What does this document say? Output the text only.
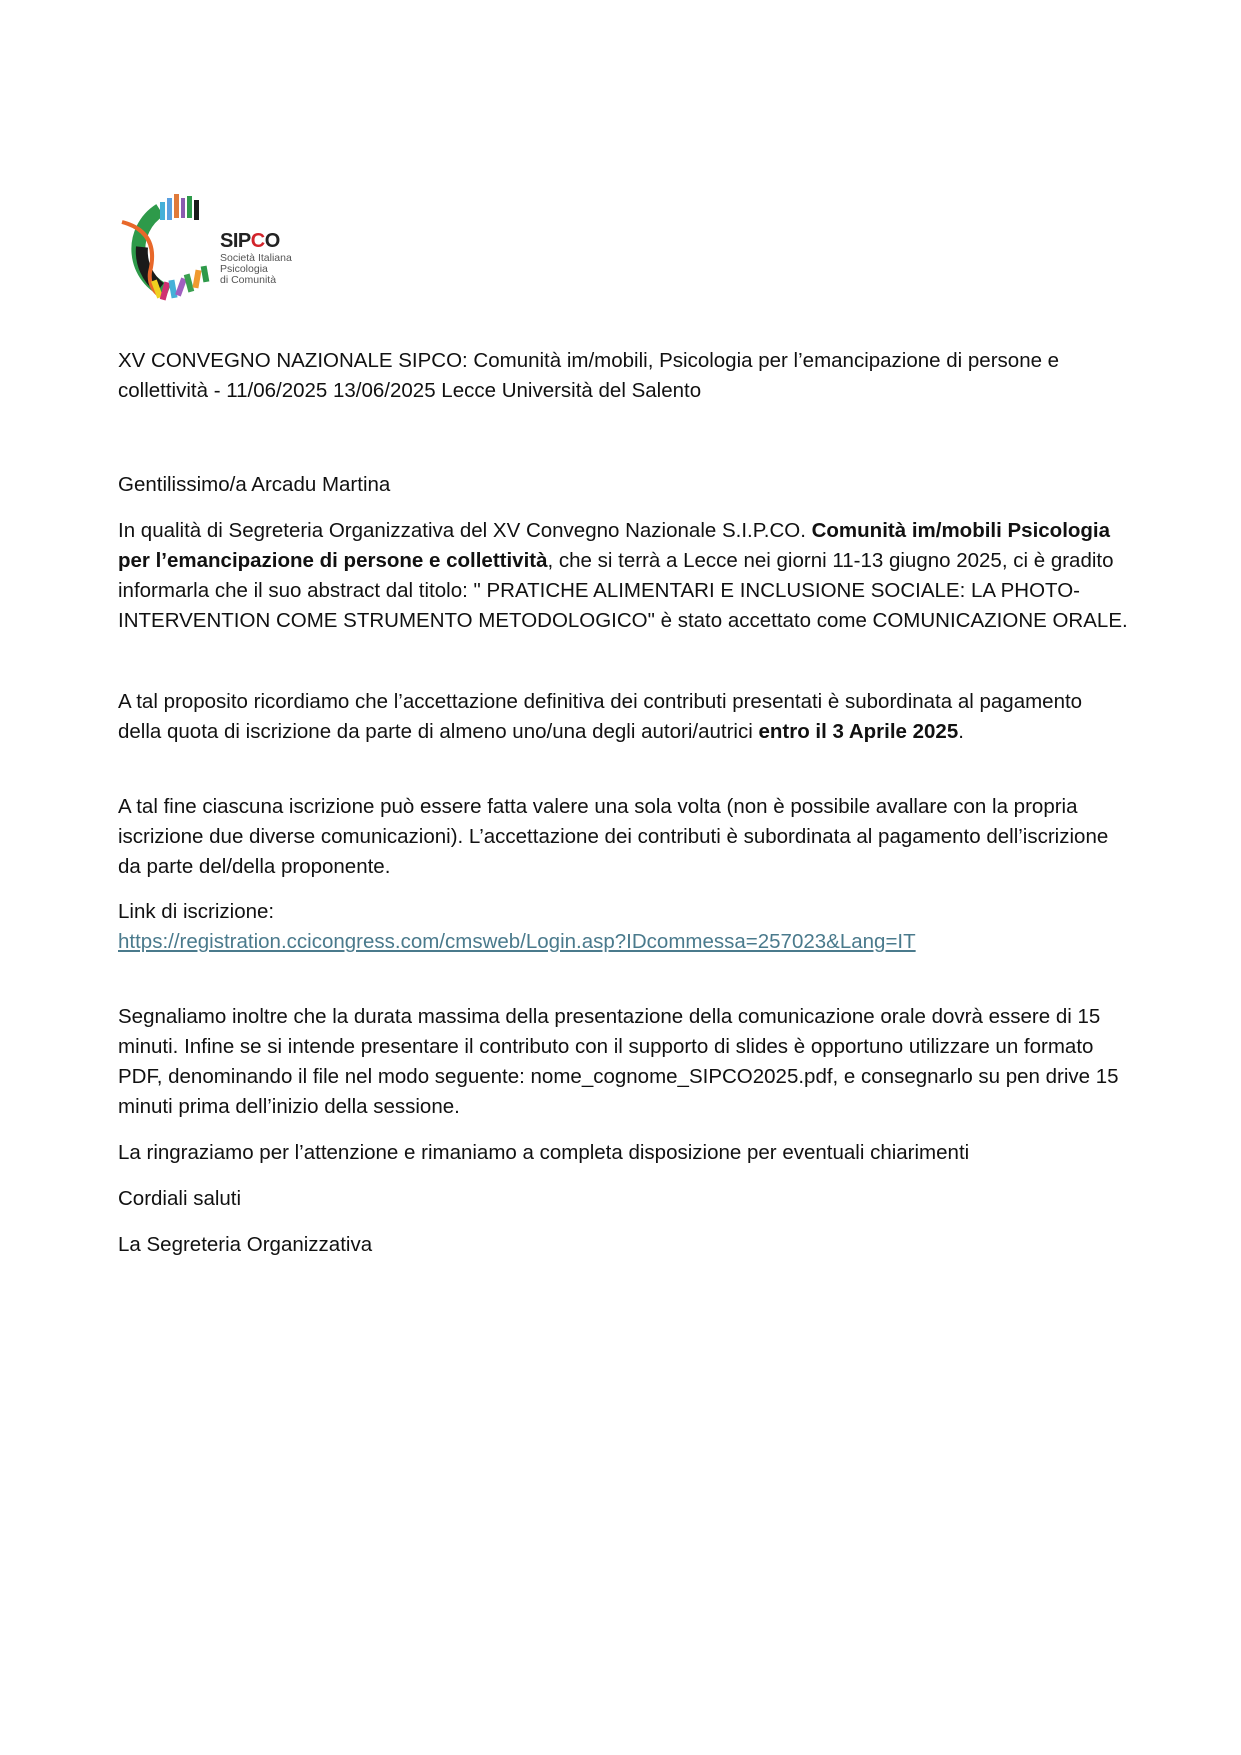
SIPCO
Società Italiana
Psicologia
di Comunità
XV CONVEGNO NAZIONALE SIPCO: Comunità im/mobili, Psicologia per l’emancipazione di persone e
collettività - 11/06/2025 13/06/2025 Lecce Università del Salento
Gentilissimo/a Arcadu Martina

In qualità di Segreteria Organizzativa del XV Convegno Nazionale S.I.P.CO. Comunità im/mobili Psicologia per l’emancipazione di persone e collettività, che si terrà a Lecce nei giorni 11-13 giugno 2025, ci è gradito informarla che il suo abstract dal titolo: " PRATICHE ALIMENTARI E INCLUSIONE SOCIALE: LA PHOTO-INTERVENTION COME STRUMENTO METODOLOGICO" è stato accettato come COMUNICAZIONE ORALE.

A tal proposito ricordiamo che l’accettazione definitiva dei contributi presentati è subordinata al pagamento della quota di iscrizione da parte di almeno uno/una degli autori/autrici entro il 3 Aprile 2025.

A tal fine ciascuna iscrizione può essere fatta valere una sola volta (non è possibile avallare con la propria iscrizione due diverse comunicazioni). L’accettazione dei contributi è subordinata al pagamento dell’iscrizione da parte del/della proponente.

Link di iscrizione:
https://registration.ccicongress.com/cmsweb/Login.asp?IDcommessa=257023&Lang=IT

Segnaliamo inoltre che la durata massima della presentazione della comunicazione orale dovrà essere di 15 minuti. Infine se si intende presentare il contributo con il supporto di slides è opportuno utilizzare un formato PDF, denominando il file nel modo seguente: nome_cognome_SIPCO2025.pdf, e consegnarlo su pen drive 15 minuti prima dell’inizio della sessione.

La ringraziamo per l’attenzione e rimaniamo a completa disposizione per eventuali chiarimenti

Cordiali saluti

La Segreteria Organizzativa
